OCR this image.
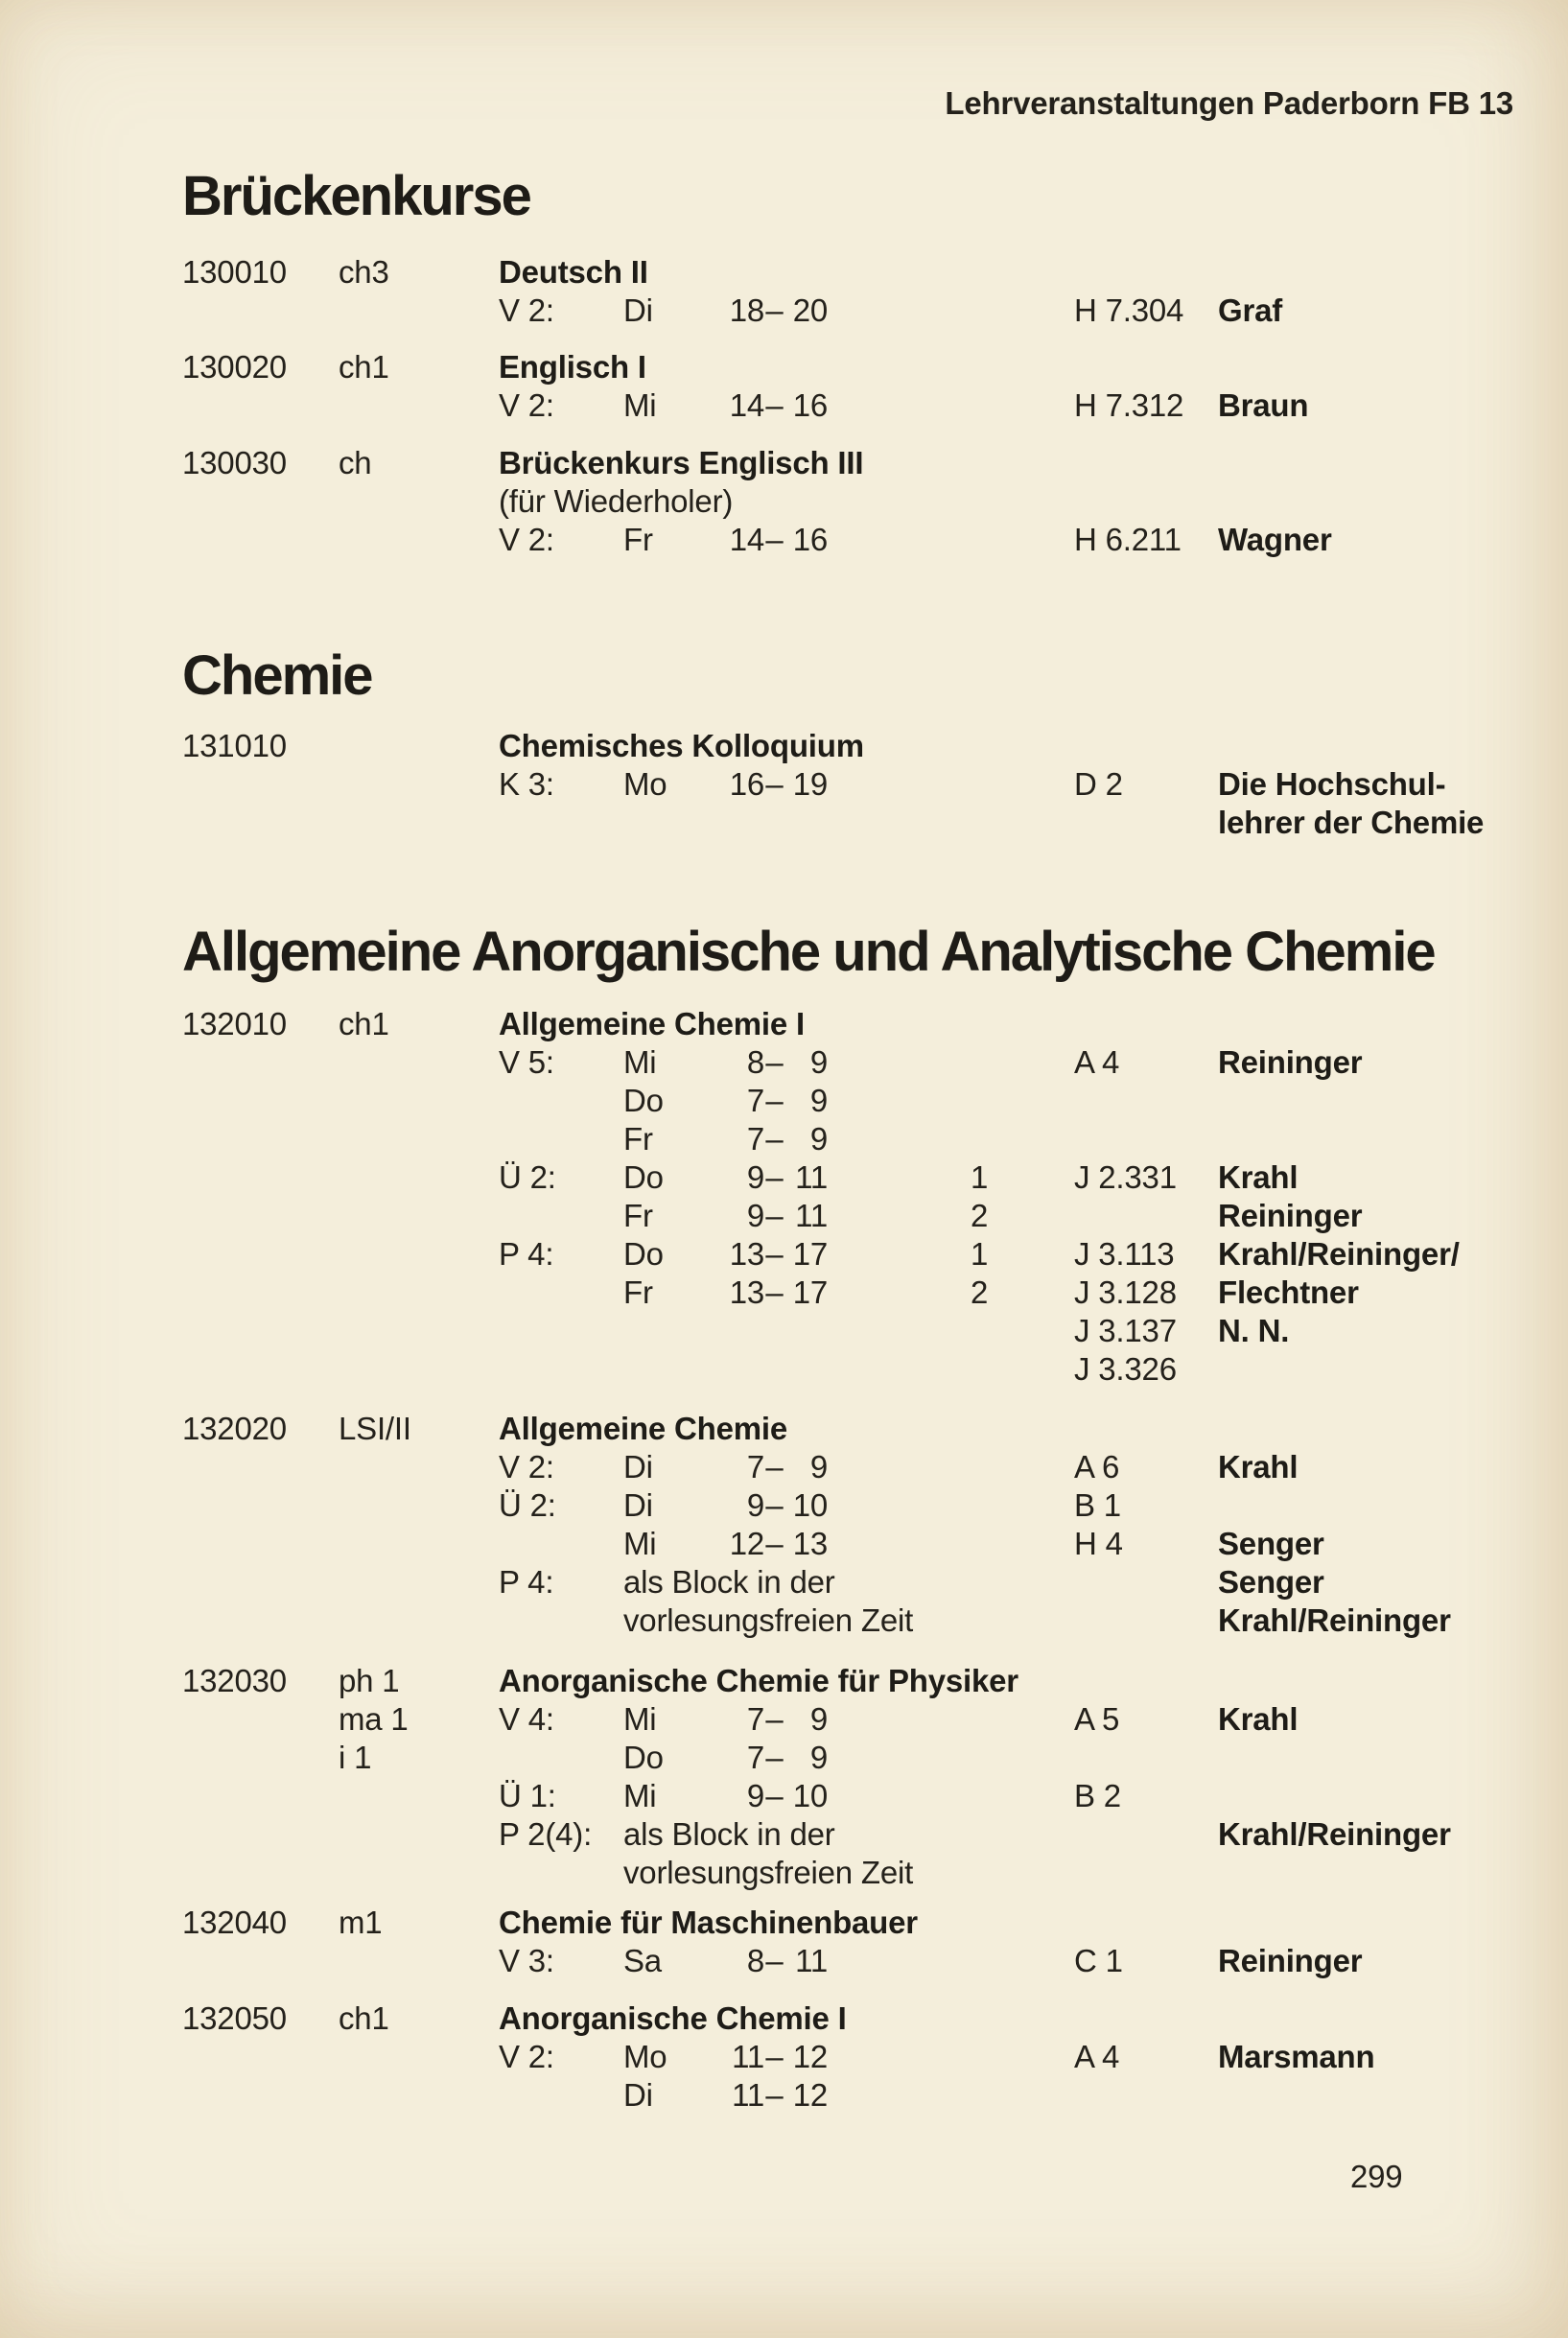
Lehrveranstaltungen Paderborn FB 13
Brückenkurse
130010 ch3	Deutsch II
V 2: Di	18 – 20	H 7.304 Graf
130020 ch1	Englisch I
V 2: Mi	14 – 16	H 7.312 Braun
130030 ch	Brückenkurs Englisch III
(für Wiederholer)
V 2: Fr	14 – 16	H 6.211 Wagner
Chemie
131010	Chemisches Kolloquium
K 3: Mo	16 – 19	D 2	Die Hochschul-
lehrer der Chemie
Allgemeine Anorganische und Analytische Chemie
132010 ch1	Allgemeine Chemie I
V 5: Mi	8 – 9	A 4	Reininger
Do	7 – 9
Fr	7 – 9
Ü 2: Do	9 – 11	1	J 2.331 Krahl
Fr	9 – 11	2	Reininger
P 4: Do	13 – 17	1	J 3.113 Krahl/Reininger/
Fr	13 – 17	2	J 3.128 Flechtner
J 3.137 N. N.
J 3.326
132020 LSI/II	Allgemeine Chemie
V 2: Di	7 – 9	A 6	Krahl
Ü 2: Di	9 – 10	B 1
Mi	12 – 13	H 4	Senger
P 4: als Block in der	Senger
vorlesungsfreien Zeit	Krahl/Reininger
132030 ph 1	Anorganische Chemie für Physiker
ma 1	V 4: Mi	7 – 9	A 5	Krahl
i 1	Do	7 – 9
Ü 1: Mi	9 – 10	B 2
P 2(4): als Block in der	Krahl/Reininger
vorlesungsfreien Zeit
132040 m1	Chemie für Maschinenbauer
V 3: Sa	8 – 11	C 1	Reininger
132050 ch1	Anorganische Chemie I
V 2: Mo	11 – 12	A 4	Marsmann
Di	11 – 12
299
